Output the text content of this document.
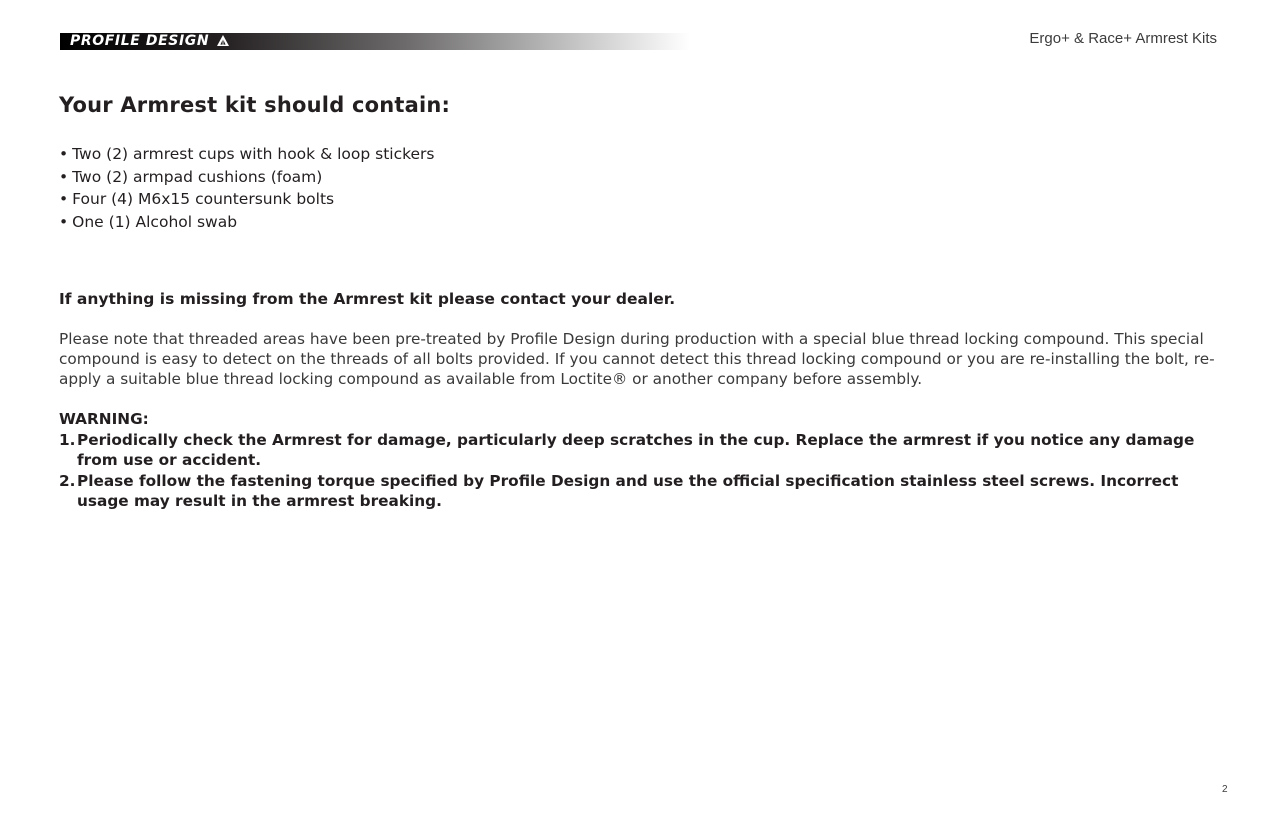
PROFILE DESIGN	Ergo+ & Race+ Armrest Kits
Your Armrest kit should contain:
• Two (2) armrest cups with hook & loop stickers
• Two (2) armpad cushions (foam)
• Four (4) M6x15 countersunk bolts
• One (1) Alcohol swab

If anything is missing from the Armrest kit please contact your dealer.

Please note that threaded areas have been pre-treated by Profile Design during production with a special blue thread locking compound. This special compound is easy to detect on the threads of all bolts provided. If you cannot detect this thread locking compound or you are re-installing the bolt, re-apply a suitable blue thread locking compound as available from Loctite® or another company before assembly.

WARNING:
1. Periodically check the Armrest for damage, particularly deep scratches in the cup. Replace the armrest if you notice any damage from use or accident.
2. Please follow the fastening torque specified by Profile Design and use the official specification stainless steel screws. Incorrect usage may result in the armrest breaking.
2
